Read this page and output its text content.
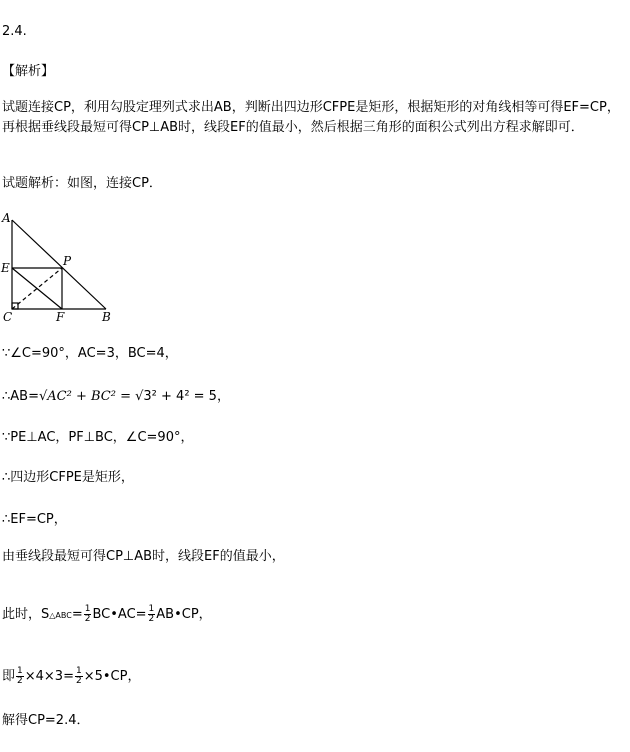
2.4.
【解析】
试题连接CP，利用勾股定理列式求出AB，判断出四边形CFPE是矩形，根据矩形的对角线相等可得EF=CP，再根据垂线段最短可得CP⊥AB时，线段EF的值最小，然后根据三角形的面积公式列出方程求解即可．
试题解析：如图，连接CP．
A
E	P
C	F	B
∵∠C=90°，AC=3，BC=4，
∴AB=√AC² + BC² = √3² + 4² = 5，
∵PE⊥AC，PF⊥BC，∠C=90°，
∴四边形CFPE是矩形，
∴EF=CP，
由垂线段最短可得CP⊥AB时，线段EF的值最小，
此时，S△ABC= $\frac{1}{2}$ BC•AC= $\frac{1}{2}$ AB•CP，
即 $\frac{1}{2} \times 4\times 3= \frac{1}{2}$ ×5•CP，
解得CP=2.4．
